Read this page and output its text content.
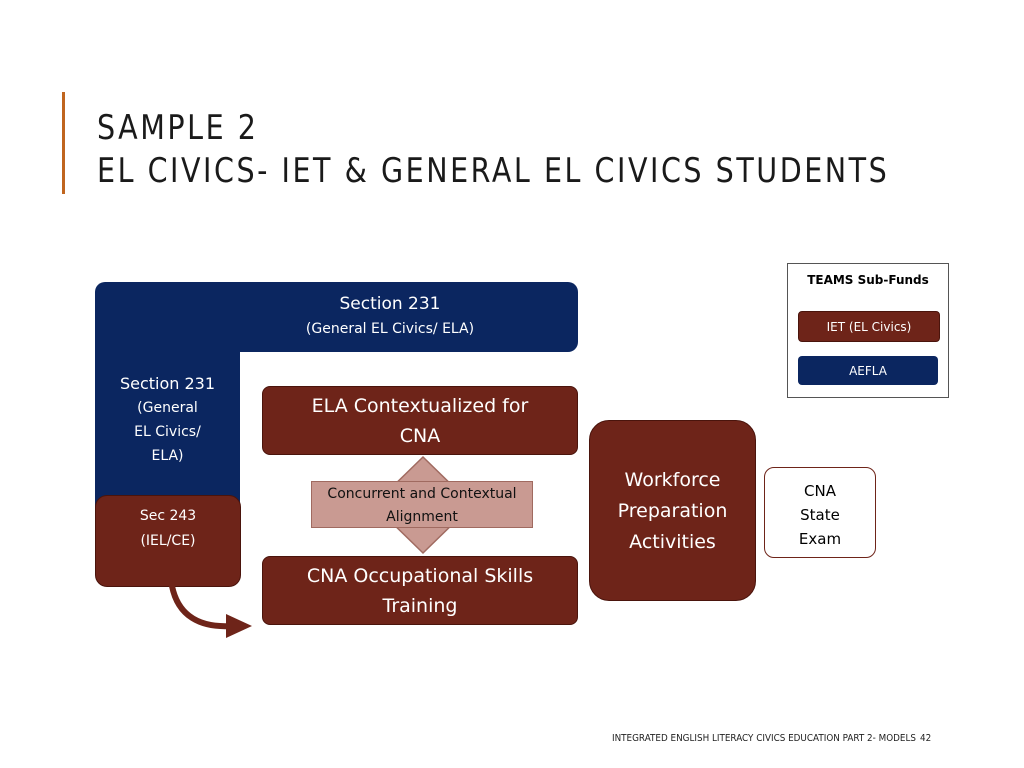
SAMPLE 2
EL CIVICS- IET & GENERAL EL CIVICS STUDENTS
Section 231
(General EL Civics/ ELA)
Section 231
(General
EL Civics/
ELA)
Sec 243
(IEL/CE)
ELA Contextualized for
CNA
Concurrent and Contextual
Alignment
CNA Occupational Skills
Training
Workforce
Preparation
Activities
CNA
State
Exam
TEAMS Sub-Funds
IET (EL Civics)
AEFLA
INTEGRATED ENGLISH LITERACY CIVICS EDUCATION PART 2- MODELS 42
